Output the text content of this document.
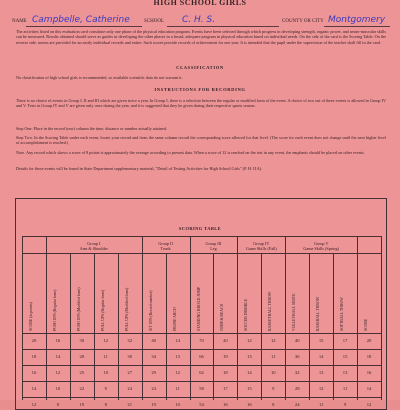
HIGH SCHOOL GIRLS
NAME Campbelle, Catherine	SCHOOL C. H. S.	COUNTY OR CITY Montgomery
The activities listed on this evaluation card constitute only one phase of the physical education program. Events have been selected through which progress in developing strength, organic power, and neuro-muscular skills can be measured. Results obtained should serve as guides in developing the other phases in a broad, adequate program in physical education based on individual needs. On the side of the card is the Scoring Table. On the reverse side, norms are provided for an easily individual records and entire. Such scores provide records of achievement for one year. It is intended that the pupil under the supervision of the teacher shall fill in the card.
CLASSIFICATION
No classification of high school girls is recommended, so available scientific data do not warrant it.
INSTRUCTIONS FOR RECORDING
There is no choice of events in Group I, II and III which are given twice a year. In Group I, there is a selection between the regular or modified form of the event. A choice of two out of three events is allowed in Group IV and V. Tests in Group IV and V are given only once during the year, and it is suggested that they be given during their respective sports season.
Step One. Place in the record (raw) column the time, distance or number actually attained.
Step Two. In the Scoring Table under each event, locate your record and from the same column record the corresponding score allowed for that level. (The score for each event does not change until the next higher level of accomplishment is reached.)
Note. Any record which shows a score of 8 points is approximately the average according to present data. When a score of 12 is reached on the test in any event, the emphasis should be placed on other events.
Details for these events will be found in State Department supplementary material, "Detail of Testing Activities for High School Girls" (P. H. II A).
SCORING TABLE
Group I
Arm & Shoulder
Group II
Trunk
Group III
Leg
Group IV
Game Skills (Fall)
Group V
Game Skills (Spring)
SCORE (in points)	PUSH UPS (Regular form)	PUSH UPS (Modified form)	PULL UPS (Regular form)	PULL UPS (Modified form)	SIT UPS (Record number)	PRONE ARCH	STANDING BROAD JUMP	JUMP & REACH	SOCCER DRIBBLE	BASKETBALL THROW	VOLLEYBALL SERVE	BASEBALL THROW	SOFTBALL THROW	SCORE
20	16	30	12	32	40	14	70	20	12	12	40	15	17	20
18	14	28	11	30	34	13	66	19	13	11	36	14	15	18
16	12	25	10	27	29	12	62	18	14	10	32	13	13	16
14	10	22	9	24	24	11	58	17	15	9	28	12	11	14
12	8	19	8	21	19	10	54	16	16	8	24	11	9	12
